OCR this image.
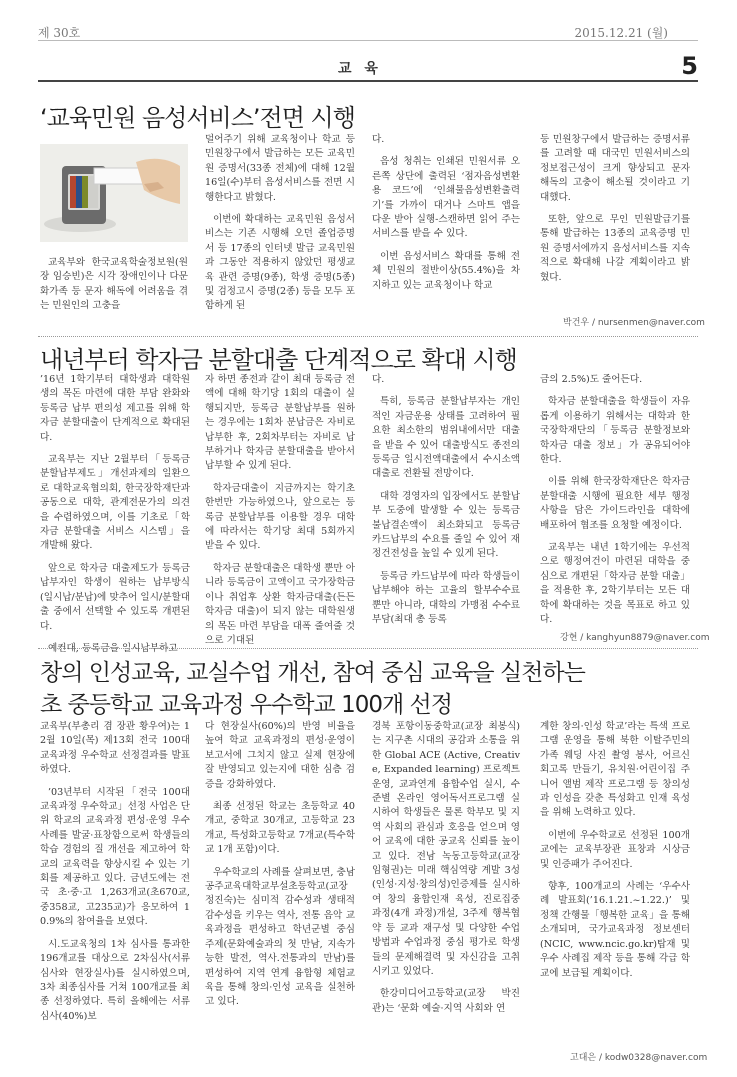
제 30호	2015.12.21 (월)
교 육	5
‘교육민원 음성서비스’전면 시행

교육부와 한국교육학술정보원(원장 임승빈)은 시각 장애인이나 다문화가족 등 문자 해독에 어려움을 겪는 민원인의 고충을

덜어주기 위해 교육청이나 학교 등 민원창구에서 발급하는 모든 교육민원 증명서(33종 전체)에 대해 12월 16일(수)부터 음성서비스를 전면 시행한다고 밝혔다.

이번에 확대하는 교육민원 음성서비스는 기존 시행해 오던 졸업증명서 등 17종의 인터넷 발급 교육민원과 그동안 적용하지 않았던 평생교육 관련 증명(9종), 학생 증명(5종) 및 검정고시 증명(2종) 등을 모두 포함하게 된

다.

음성 청취는 인쇄된 민원서류 오른쪽 상단에 출력된 ‘점자음성변환용 코드’에 ‘인쇄물음성변환출력기’를 가까이 대거나 스마트 앱을 다운 받아 실행-스캔하면 읽어 주는 서비스를 받을 수 있다.

이번 음성서비스 확대를 통해 전체 민원의 절반이상(55.4%)을 차지하고 있는 교육청이나 학교

등 민원창구에서 발급하는 증명서류를 고려할 때 대국민 민원서비스의 정보접근성이 크게 향상되고 문자 해독의 고충이 해소될 것이라고 기대했다.

또한, 앞으로 무인 민원발급기를 통해 발급하는 13종의 교육증명 민원 증명서에까지 음성서비스를 지속적으로 확대해 나갈 계획이라고 밝혔다.

박건우 / nursenmen@naver.com
내년부터 학자금 분할대출 단계적으로 확대 시행

’16년 1학기부터 대학생과 대학원생의 목돈 마련에 대한 부담 완화와 등록금 납부 편의성 제고를 위해 학자금 분할대출이 단계적으로 확대된다.

교육부는 지난 2월부터「등록금 분할납부제도」개선과제의 일환으로 대학교육협의회, 한국장학재단과 공동으로 대학, 관계전문가의 의견을 수렴하였으며, 이를 기초로「학자금 분할대출 서비스 시스템」을 개발해 왔다.

앞으로 학자금 대출제도가 등록금 납부자인 학생이 원하는 납부방식(일시납/분납)에 맞추어 일시/분할대출 중에서 선택할 수 있도록 개편된다.

예컨대, 등록금을 일시납부하고

자 하면 종전과 같이 최대 등록금 전액에 대해 학기당 1회의 대출이 실행되지만, 등록금 분할납부를 원하는 경우에는 1회차 분납금은 자비로 납부한 후, 2회차부터는 자비로 납부하거나 학자금 분할대출을 받아서 납부할 수 있게 된다.

학자금대출이 지금까지는 학기초 한번만 가능하였으나, 앞으로는 등록금 분할납부를 이용할 경우 대학에 따라서는 학기당 최대 5회까지 받을 수 있다.

학자금 분할대출은 대학생 뿐만 아니라 등록금이 고액이고 국가장학금이나 취업후 상환 학자금대출(든든학자금 대출)이 되지 않는 대학원생의 목돈 마련 부담을 대폭 줄여줄 것으로 기대된

다.

특히, 등록금 분할납부자는 개인적인 자금운용 상태를 고려하여 필요한 최소한의 범위내에서만 대출을 받을 수 있어 대출방식도 종전의 등록금 일시전액대출에서 수시소액대출로 전환될 전망이다.

대학 경영자의 입장에서도 분할납부 도중에 발생할 수 있는 등록금 불납결손액이 최소화되고 등록금 카드납부의 수요를 줄일 수 있어 재정건전성을 높일 수 있게 된다.

등록금 카드납부에 따라 학생들이 납부해야 하는 고율의 할부수수료 뿐만 아니라, 대학의 가맹점 수수료 부담(최대 총 등록

금의 2.5%)도 줄어든다.

학자금 분할대출을 학생들이 자유롭게 이용하기 위해서는 대학과 한국장학재단의「등록금 분할정보와 학자금 대출 정보」가 공유되어야 한다.

이를 위해 한국장학재단은 학자금 분할대출 시행에 필요한 세부 행정사항을 담은 가이드라인을 대학에 배포하여 협조를 요청할 예정이다.

교육부는 내년 1학기에는 우선적으로 행정여건이 마련된 대학을 중심으로 개편된「학자금 분할 대출」을 적용한 후, 2학기부터는 모든 대학에 확대하는 것을 목표로 하고 있다.

강현 / kanghyun8879@naver.com
창의 인성교육, 교실수업 개선, 참여 중심 교육을 실천하는
초 중등학교 교육과정 우수학교 100개 선정

교육부(부총리 겸 장관 황우여)는 12월 10일(목) 제13회 전국 100대 교육과정 우수학교 선정결과를 발표하였다.

’03년부터 시작된「전국 100대 교육과정 우수학교」선정 사업은 단위 학교의 교육과정 편성·운영 우수사례를 발굴·표창함으로써 학생들의 학습 경험의 질 개선을 제고하여 학교의 교육력을 향상시킬 수 있는 기회를 제공하고 있다. 금년도에는 전국 초·중·고 1,263개교(초670교, 중358교, 고235교)가 응모하여 10.9%의 참여율을 보였다.

시.도교육청의 1차 심사를 통과한 196개교를 대상으로 2차심사(서류심사와 현장실사)를 실시하였으며, 3차 최종심사를 거쳐 100개교를 최종 선정하였다. 특히 올해에는 서류심사(40%)보

다 현장실사(60%)의 반영 비율을 높여 학교 교육과정의 편성·운영이 보고서에 그치지 않고 실제 현장에 잘 반영되고 있는지에 대한 심층 검증을 강화하였다.

최종 선정된 학교는 초등학교 40개교, 중학교 30개교, 고등학교 23개교, 특성화고등학교 7개교(특수학교 1개 포함)이다.

우수학교의 사례를 살펴보면, 충남 공주교육대학교부설초등학교(교장 정진숙)는 심미적 감수성과 생태적 감수성을 키우는 역사, 전통 음악 교육과정을 편성하고 학년군별 중심 주제(문화예술과의 첫 만남, 지속가능한 발전, 역사.전통과의 만남)를 편성하여 지역 연계 융합형 체험교육을 통해 창의·인성 교육을 실천하고 있다.

경북 포항이동중학교(교장 최봉식)는 지구촌 시대의 공감과 소통을 위한 Global ACE (Active, Creative, Expanded learning) 프로젝트 운영, 교과연계 융합수업 실시, 수준별 온라인 영어독서프로그램 실시하여 학생들은 물론 학부모 및 지역 사회의 관심과 호응을 얻으며 영어 교육에 대한 공교육 신뢰를 높이고 있다. 전남 녹동고등학교(교장 임형권)는 미래 핵심역량 계발 3성(인성·지성·창의성)인증제를 실시하여 창의 융합인재 육성, 진로집중 과정(4개 과정)개설, 3주제 행복협약 등 교과 재구성 및 다양한 수업방법과 수업과정 중심 평가로 학생들의 문제해결력 및 자신감을 고취시키고 있었다.

한강미디어고등학교(교장 박진관)는 ‘문화 예술·지역 사회와 연

계한 창의·인성 학교’라는 특색 프로그램 운영을 통해 북한 이탈주민의 가족 웨딩 사진 촬영 봉사, 어르신 회고록 만들기, 유치원·어린이집 주니어 앨범 제작 프로그램 등 창의성과 인성을 갖춘 특성화고 인재 육성을 위해 노력하고 있다.

이번에 우수학교로 선정된 100개교에는 교육부장관 표창과 시상금 및 인증패가 주어진다.

향후, 100개교의 사례는 ‘우수사례 발표회(’16.1.21.~1.22.)’ 및 정책 간행물「행복한 교육」을 통해 소개되며, 국가교육과정 정보센터(NCIC, www.ncic.go.kr)탑재 및 우수 사례집 제작 등을 통해 각급 학교에 보급될 계획이다.

고대은 / kodw0328@naver.com
